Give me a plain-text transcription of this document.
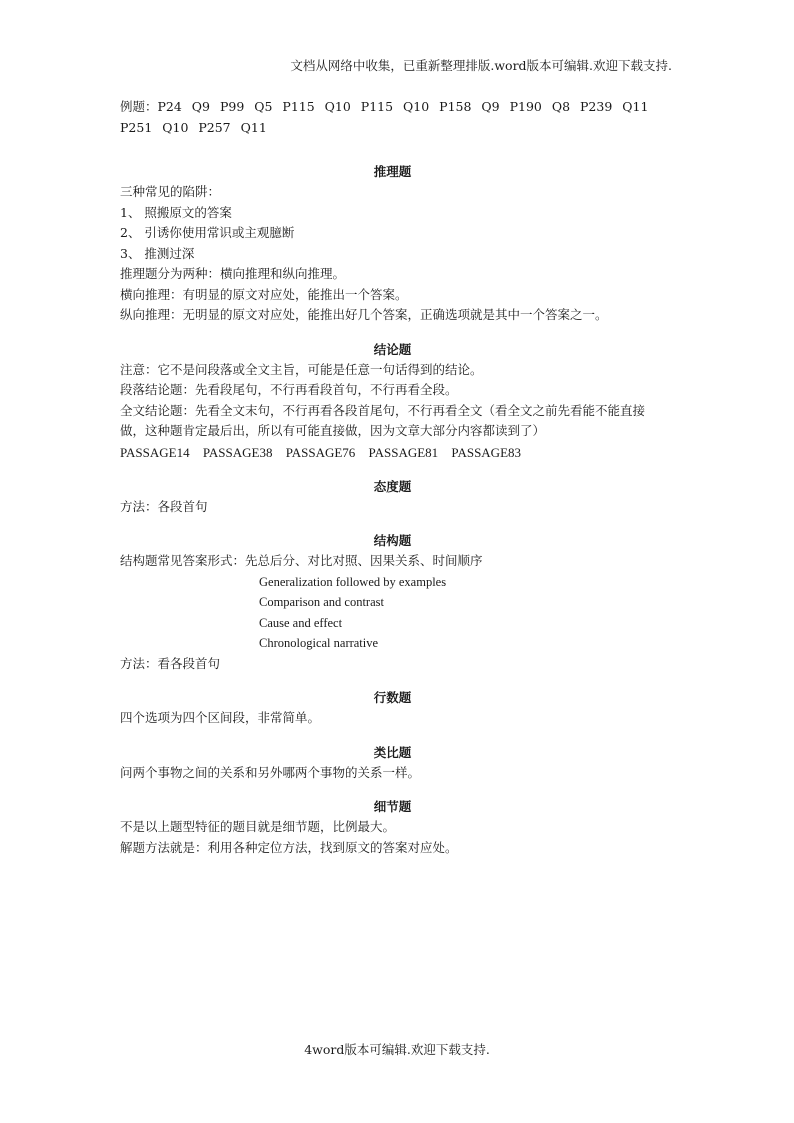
文档从网络中收集，已重新整理排版.word版本可编辑.欢迎下载支持.
例题：P24 Q9 P99 Q5 P115 Q10 P115 Q10 P158 Q9 P190 Q8 P239 Q11 P251 Q10 P257 Q11
推理题
三种常见的陷阱：
1、 照搬原文的答案
2、 引诱你使用常识或主观臆断
3、 推测过深
推理题分为两种：横向推理和纵向推理。
横向推理：有明显的原文对应处，能推出一个答案。
纵向推理：无明显的原文对应处，能推出好几个答案，正确选项就是其中一个答案之一。
结论题
注意：它不是问段落或全文主旨，可能是任意一句话得到的结论。
段落结论题：先看段尾句，不行再看段首句，不行再看全段。
全文结论题：先看全文末句，不行再看各段首尾句，不行再看全文（看全文之前先看能不能直接做，这种题肯定最后出，所以有可能直接做，因为文章大部分内容都读到了）
PASSAGE14 PASSAGE38 PASSAGE76 PASSAGE81 PASSAGE83
态度题
方法：各段首句
结构题
结构题常见答案形式：先总后分、对比对照、因果关系、时间顺序
Generalization followed by examples
Comparison and contrast
Cause and effect
Chronological narrative
方法：看各段首句
行数题
四个选项为四个区间段，非常简单。
类比题
问两个事物之间的关系和另外哪两个事物的关系一样。
细节题
不是以上题型特征的题目就是细节题，比例最大。
解题方法就是：利用各种定位方法，找到原文的答案对应处。
4word版本可编辑.欢迎下载支持.
